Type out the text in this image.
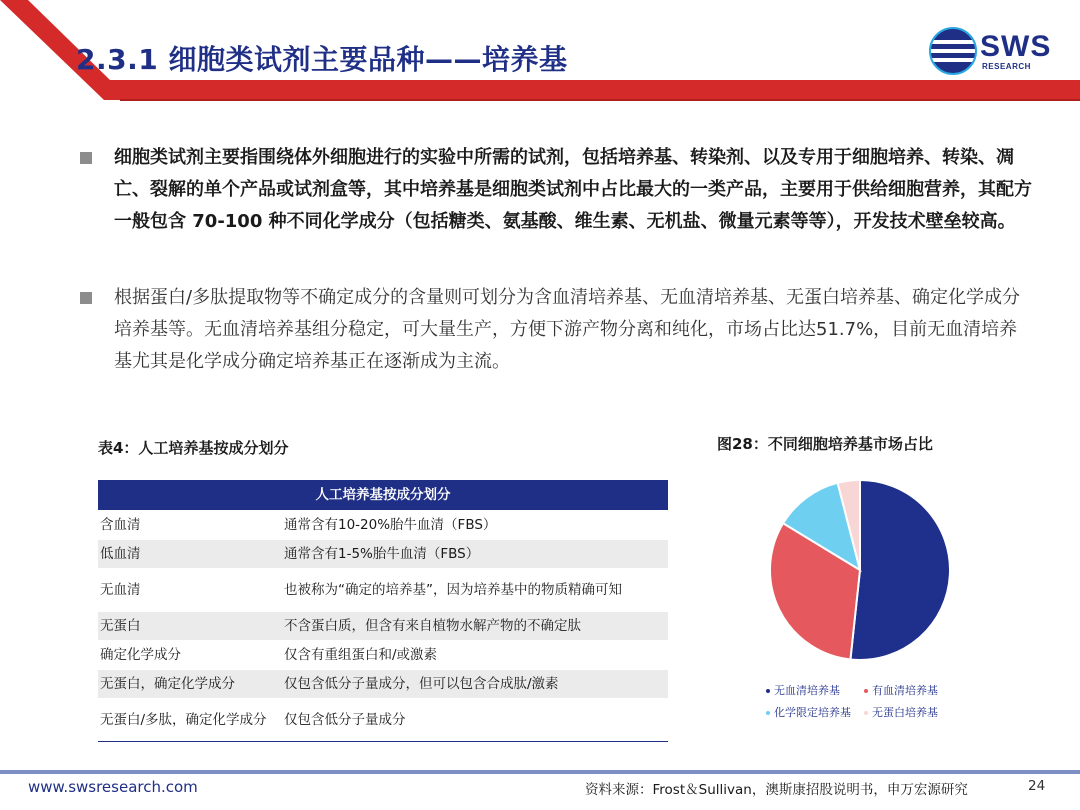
2.3.1 细胞类试剂主要品种——培养基	SWS
RESEARCH
细胞类试剂主要指围绕体外细胞进行的实验中所需的试剂，包括培养基、转染剂、以及专用于细胞培养、转染、凋亡、裂解的单个产品或试剂盒等，其中培养基是细胞类试剂中占比最大的一类产品，主要用于供给细胞营养，其配方一般包含 70-100 种不同化学成分（包括糖类、氨基酸、维生素、无机盐、微量元素等等），开发技术壁垒较高。
根据蛋白/多肽提取物等不确定成分的含量则可划分为含血清培养基、无血清培养基、无蛋白培养基、确定化学成分培养基等。无血清培养基组分稳定，可大量生产，方便下游产物分离和纯化，市场占比达51.7%，目前无血清培养基尤其是化学成分确定培养基正在逐渐成为主流。
表4：人工培养基按成分划分
人工培养基按成分划分
含血清	通常含有10-20%胎牛血清（FBS）
低血清	通常含有1-5%胎牛血清（FBS）
无血清	也被称为“确定的培养基”，因为培养基中的物质精确可知
无蛋白	不含蛋白质，但含有来自植物水解产物的不确定肽
确定化学成分	仅含有重组蛋白和/或激素
无蛋白，确定化学成分	仅包含低分子量成分，但可以包含合成肽/激素
无蛋白/多肽，确定化学成分	仅包含低分子量成分
图28：不同细胞培养基市场占比
无血清培养基	有血清培养基
化学限定培养基	无蛋白培养基
www.swsresearch.com	资料来源：Frost＆Sullivan，澳斯康招股说明书，申万宏源研究	24
